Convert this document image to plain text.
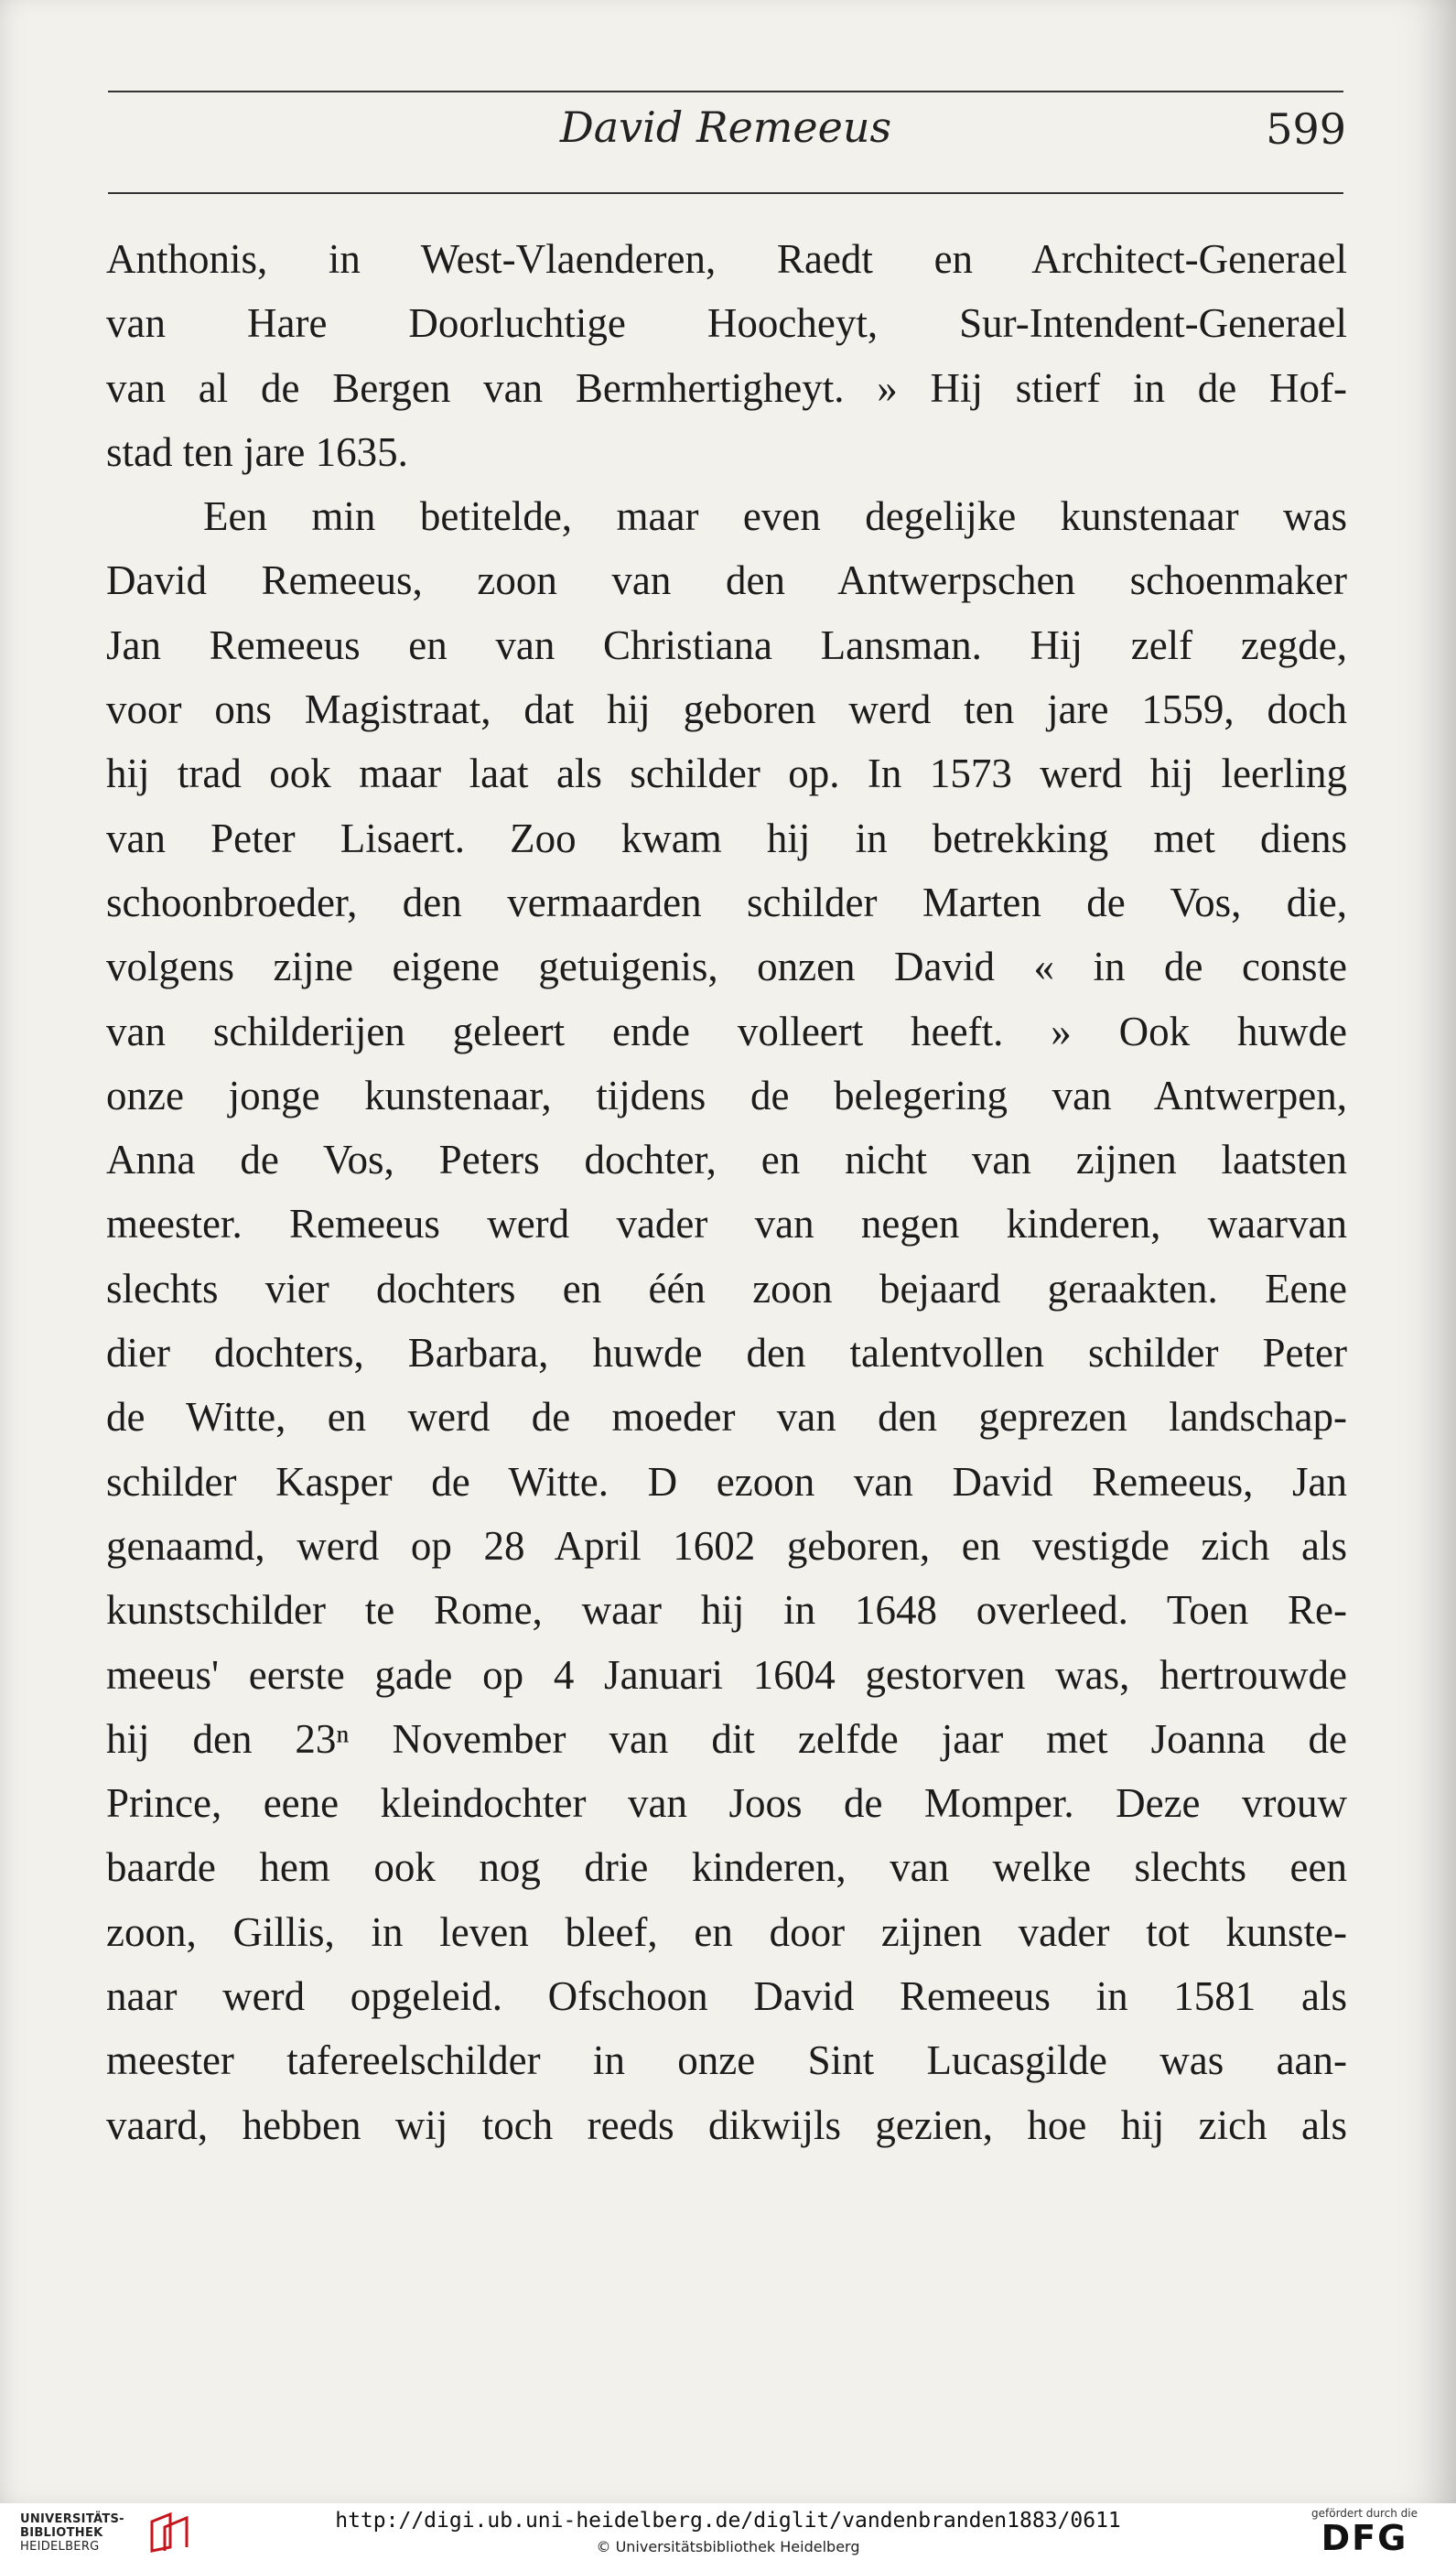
David Remeeus	599
Anthonis, in West-Vlaenderen, Raedt en Architect-Generael
van Hare Doorluchtige Hoocheyt, Sur-Intendent-Generael
van al de Bergen van Bermhertigheyt. » Hij stierf in de Hof-
stad ten jare 1635.
Een min betitelde, maar even degelijke kunstenaar was
David Remeeus, zoon van den Antwerpschen schoenmaker
Jan Remeeus en van Christiana Lansman. Hij zelf zegde,
voor ons Magistraat, dat hij geboren werd ten jare 1559, doch
hij trad ook maar laat als schilder op. In 1573 werd hij leerling
van Peter Lisaert. Zoo kwam hij in betrekking met diens
schoonbroeder, den vermaarden schilder Marten de Vos, die,
volgens zijne eigene getuigenis, onzen David « in de conste
van schilderijen geleert ende volleert heeft. » Ook huwde
onze jonge kunstenaar, tijdens de belegering van Antwerpen,
Anna de Vos, Peters dochter, en nicht van zijnen laatsten
meester. Remeeus werd vader van negen kinderen, waarvan
slechts vier dochters en één zoon bejaard geraakten. Eene
dier dochters, Barbara, huwde den talentvollen schilder Peter
de Witte, en werd de moeder van den geprezen landschap-
schilder Kasper de Witte. D ezoon van David Remeeus, Jan
genaamd, werd op 28 April 1602 geboren, en vestigde zich als
kunstschilder te Rome, waar hij in 1648 overleed. Toen Re-
meeus' eerste gade op 4 Januari 1604 gestorven was, hertrouwde
hij den 23ⁿ November van dit zelfde jaar met Joanna de
Prince, eene kleindochter van Joos de Momper. Deze vrouw
baarde hem ook nog drie kinderen, van welke slechts een
zoon, Gillis, in leven bleef, en door zijnen vader tot kunste-
naar werd opgeleid. Ofschoon David Remeeus in 1581 als
meester tafereelschilder in onze Sint Lucasgilde was aan-
vaard, hebben wij toch reeds dikwijls gezien, hoe hij zich als
UNIVERSITÄTS-
BIBLIOTHEK
HEIDELBERG
http://digi.ub.uni-heidelberg.de/diglit/vandenbranden1883/0611
© Universitätsbibliothek Heidelberg
gefördert durch die
DFG
